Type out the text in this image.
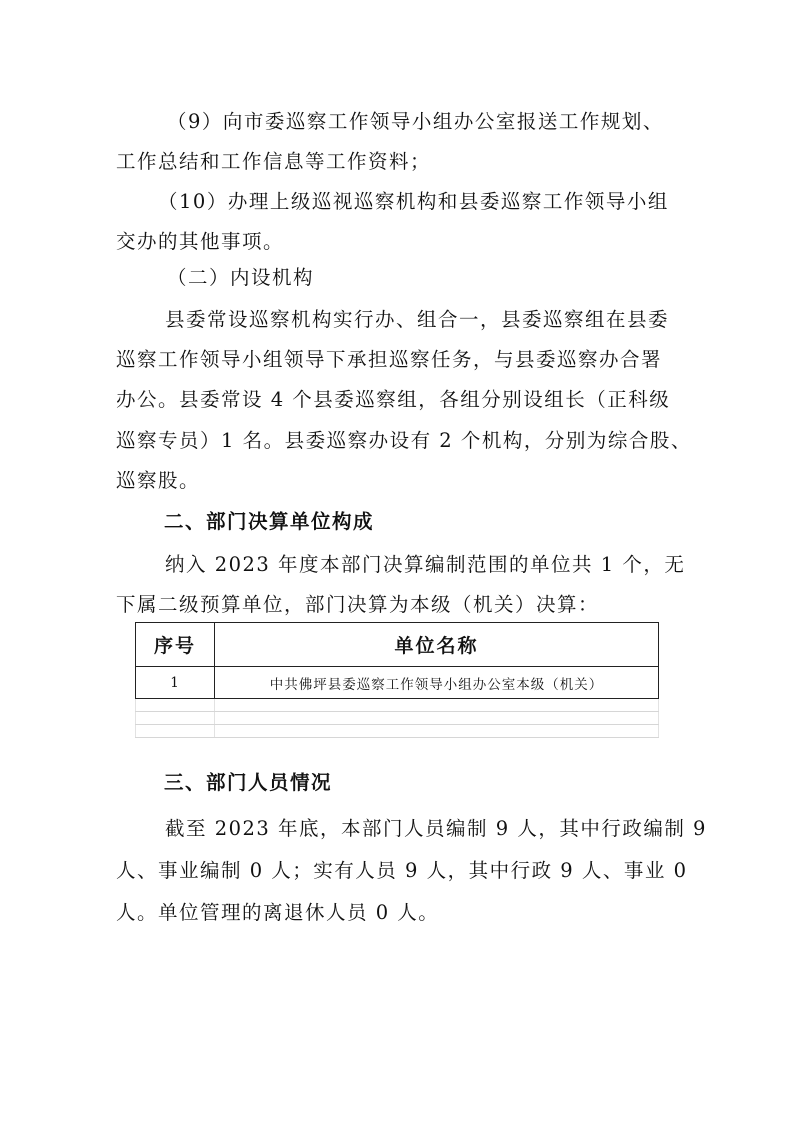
（9）向市委巡察工作领导小组办公室报送工作规划、
工作总结和工作信息等工作资料；
（10）办理上级巡视巡察机构和县委巡察工作领导小组
交办的其他事项。
（二）内设机构
县委常设巡察机构实行办、组合一，县委巡察组在县委
巡察工作领导小组领导下承担巡察任务，与县委巡察办合署
办公。县委常设 4 个县委巡察组，各组分别设组长（正科级
巡察专员）1 名。县委巡察办设有 2 个机构，分别为综合股、
巡察股。
二、部门决算单位构成
纳入 2023 年度本部门决算编制范围的单位共 1 个，无
下属二级预算单位，部门决算为本级（机关）决算：
序号	单位名称
1	中共佛坪县委巡察工作领导小组办公室本级（机关）

三、部门人员情况
截至 2023 年底，本部门人员编制 9 人，其中行政编制 9
人、事业编制 0 人；实有人员 9 人，其中行政 9 人、事业 0
人。单位管理的离退休人员 0 人。
